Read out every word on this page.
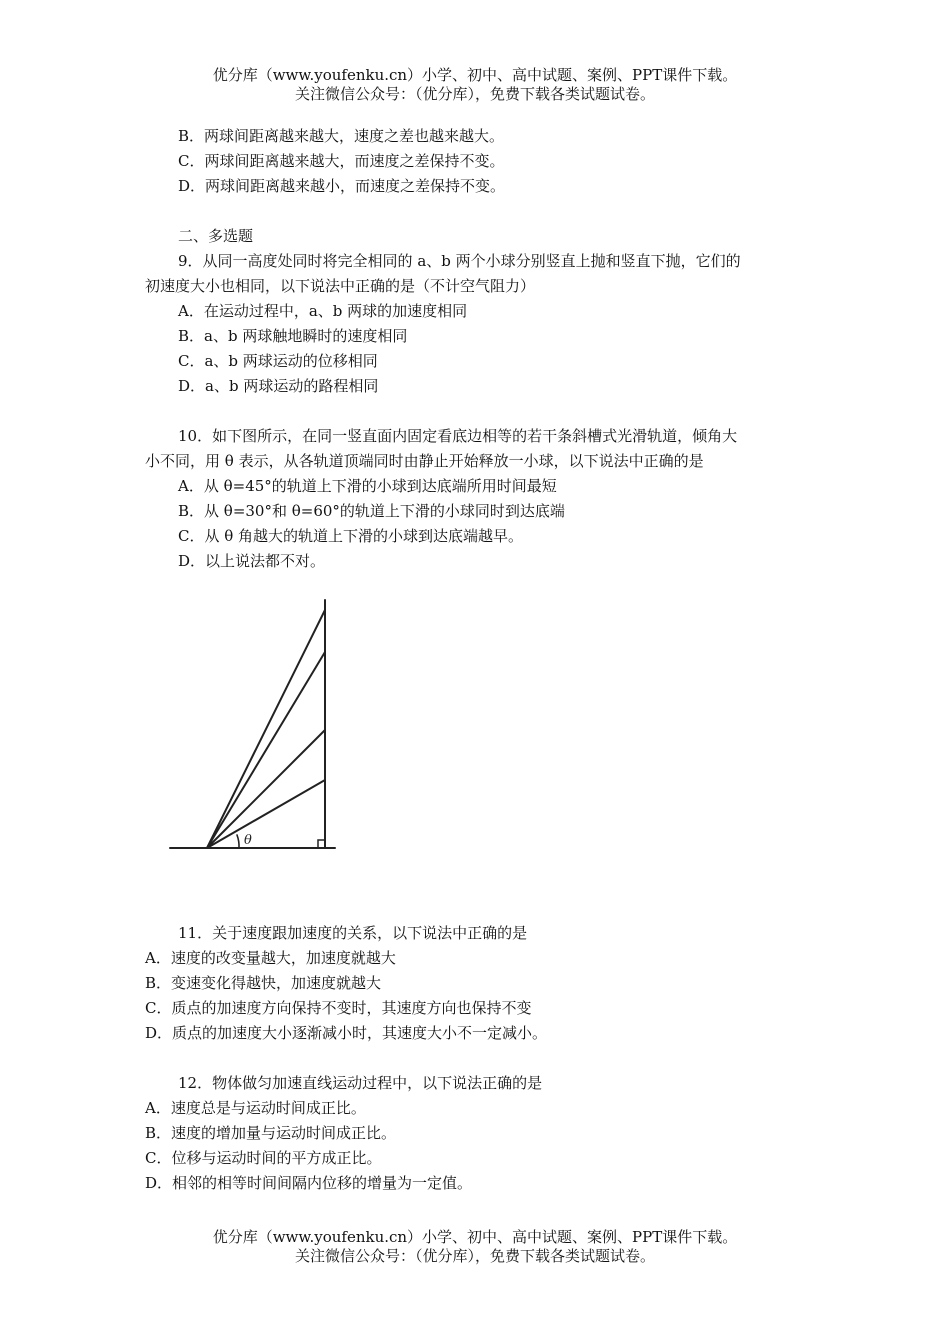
优分库（www.youfenku.cn）小学、初中、高中试题、案例、PPT课件下载。
关注微信公众号：（优分库），免费下载各类试题试卷。
B．两球间距离越来越大，速度之差也越来越大。
C．两球间距离越来越大，而速度之差保持不变。
D．两球间距离越来越小，而速度之差保持不变。
二、多选题
9．从同一高度处同时将完全相同的 a、b 两个小球分别竖直上抛和竖直下抛，它们的
初速度大小也相同，以下说法中正确的是（不计空气阻力）
A．在运动过程中，a、b 两球的加速度相同
B．a、b 两球触地瞬时的速度相同
C．a、b 两球运动的位移相同
D．a、b 两球运动的路程相同
10．如下图所示，在同一竖直面内固定看底边相等的若干条斜槽式光滑轨道，倾角大
小不同，用 θ 表示，从各轨道顶端同时由静止开始释放一小球，以下说法中正确的是
A．从 θ=45°的轨道上下滑的小球到达底端所用时间最短
B．从 θ=30°和 θ=60°的轨道上下滑的小球同时到达底端
C．从 θ 角越大的轨道上下滑的小球到达底端越早。
D．以上说法都不对。
θ
11．关于速度跟加速度的关系，以下说法中正确的是
A．速度的改变量越大，加速度就越大
B．变速变化得越快，加速度就越大
C．质点的加速度方向保持不变时，其速度方向也保持不变
D．质点的加速度大小逐渐减小时，其速度大小不一定减小。
12．物体做匀加速直线运动过程中，以下说法正确的是
A．速度总是与运动时间成正比。
B．速度的增加量与运动时间成正比。
C．位移与运动时间的平方成正比。
D．相邻的相等时间间隔内位移的增量为一定值。
优分库（www.youfenku.cn）小学、初中、高中试题、案例、PPT课件下载。
关注微信公众号：（优分库），免费下载各类试题试卷。
